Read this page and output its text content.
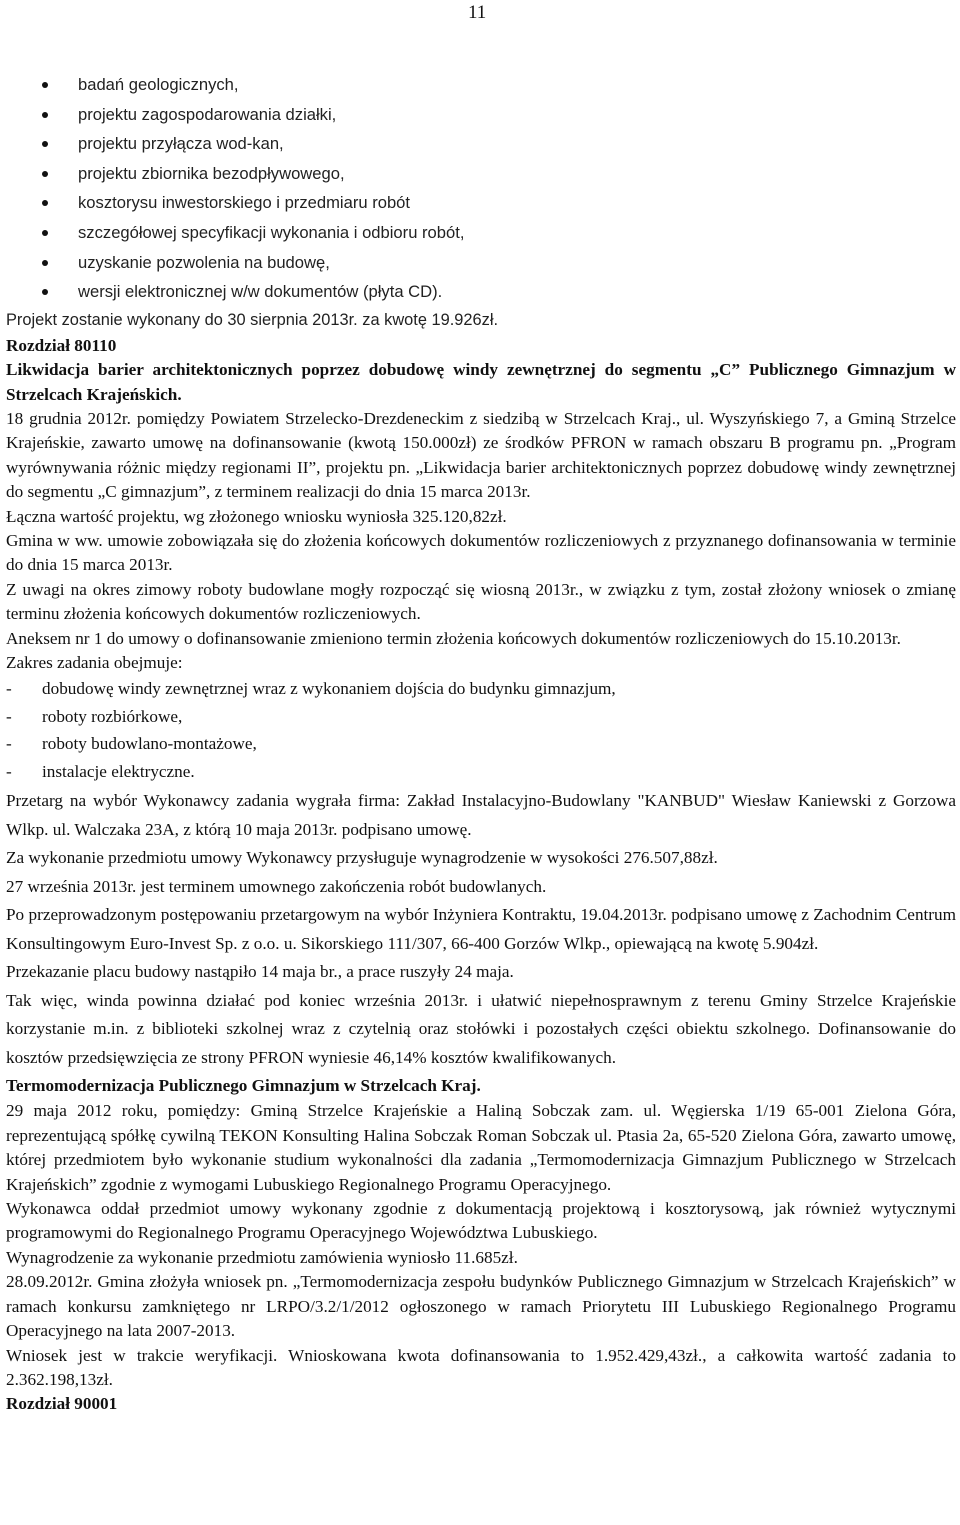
11
badań geologicznych,
projektu zagospodarowania działki,
projektu przyłącza wod-kan,
projektu zbiornika bezodpływowego,
kosztorysu inwestorskiego i przedmiaru robót
szczegółowej specyfikacji wykonania i odbioru robót,
uzyskanie pozwolenia na budowę,
wersji elektronicznej w/w dokumentów (płyta CD).

Projekt zostanie wykonany do 30 sierpnia 2013r. za kwotę 19.926zł.

Rozdział 80110

Likwidacja barier architektonicznych poprzez dobudowę windy zewnętrznej do segmentu „C” Publicznego Gimnazjum w Strzelcach Krajeńskich.

18 grudnia 2012r. pomiędzy Powiatem Strzelecko-Drezdeneckim z siedzibą w Strzelcach Kraj., ul. Wyszyńskiego 7, a Gminą Strzelce Krajeńskie, zawarto umowę na dofinansowanie (kwotą 150.000zł) ze środków PFRON w ramach obszaru B programu pn. „Program wyrównywania różnic między regionami II”, projektu pn. „Likwidacja barier architektonicznych poprzez dobudowę windy zewnętrznej do segmentu „C gimnazjum”, z terminem realizacji do dnia 15 marca 2013r.

Łączna wartość projektu, wg złożonego wniosku wyniosła 325.120,82zł.

Gmina w ww. umowie zobowiązała się do złożenia końcowych dokumentów rozliczeniowych z przyznanego dofinansowania w terminie do dnia 15 marca 2013r.

Z uwagi na okres zimowy roboty budowlane mogły rozpocząć się wiosną 2013r., w związku z tym, został złożony wniosek o zmianę terminu złożenia końcowych dokumentów rozliczeniowych.

Aneksem nr 1 do umowy o dofinansowanie zmieniono termin złożenia końcowych dokumentów rozliczeniowych do 15.10.2013r.

Zakres zadania obejmuje:

- dobudowę windy zewnętrznej wraz z wykonaniem dojścia do budynku gimnazjum,
- roboty rozbiórkowe,
- roboty budowlano-montażowe,
- instalacje elektryczne.

Przetarg na wybór Wykonawcy zadania wygrała firma: Zakład Instalacyjno-Budowlany "KANBUD" Wiesław Kaniewski z Gorzowa Wlkp. ul. Walczaka 23A, z którą 10 maja 2013r. podpisano umowę.

Za wykonanie przedmiotu umowy Wykonawcy przysługuje wynagrodzenie w wysokości 276.507,88zł.

27 września 2013r. jest terminem umownego zakończenia robót budowlanych.

Po przeprowadzonym postępowaniu przetargowym na wybór Inżyniera Kontraktu, 19.04.2013r. podpisano umowę z Zachodnim Centrum Konsultingowym Euro-Invest Sp. z o.o. u. Sikorskiego 111/307, 66-400 Gorzów Wlkp., opiewającą na kwotę 5.904zł.

Przekazanie placu budowy nastąpiło 14 maja br., a prace ruszyły 24 maja.

Tak więc, winda powinna działać pod koniec września 2013r. i ułatwić niepełnosprawnym z terenu Gminy Strzelce Krajeńskie korzystanie m.in. z biblioteki szkolnej wraz z czytelnią oraz stołówki i pozostałych części obiektu szkolnego. Dofinansowanie do kosztów przedsięwzięcia ze strony PFRON wyniesie 46,14% kosztów kwalifikowanych.

Termomodernizacja Publicznego Gimnazjum w Strzelcach Kraj.

29 maja 2012 roku, pomiędzy: Gminą Strzelce Krajeńskie a Haliną Sobczak zam. ul. Węgierska 1/19 65-001 Zielona Góra, reprezentującą spółkę cywilną TEKON Konsulting Halina Sobczak Roman Sobczak ul. Ptasia 2a, 65-520 Zielona Góra, zawarto umowę, której przedmiotem było wykonanie studium wykonalności dla zadania „Termomodernizacja Gimnazjum Publicznego w Strzelcach Krajeńskich” zgodnie z wymogami Lubuskiego Regionalnego Programu Operacyjnego.

Wykonawca oddał przedmiot umowy wykonany zgodnie z dokumentacją projektową i kosztorysową, jak również wytycznymi programowymi do Regionalnego Programu Operacyjnego Województwa Lubuskiego.

Wynagrodzenie za wykonanie przedmiotu zamówienia wyniosło 11.685zł.

28.09.2012r. Gmina złożyła wniosek pn. „Termomodernizacja zespołu budynków Publicznego Gimnazjum w Strzelcach Krajeńskich” w ramach konkursu zamkniętego nr LRPO/3.2/1/2012 ogłoszonego w ramach Priorytetu III Lubuskiego Regionalnego Programu Operacyjnego na lata 2007-2013.

Wniosek jest w trakcie weryfikacji. Wnioskowana kwota dofinansowania to 1.952.429,43zł., a całkowita wartość zadania to 2.362.198,13zł.

Rozdział 90001
